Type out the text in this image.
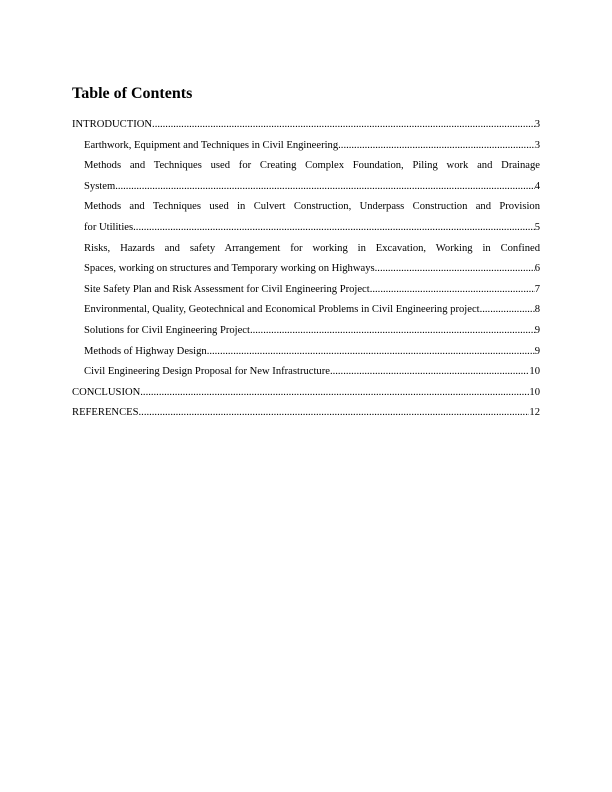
Table of Contents
INTRODUCTION .....	3
Earthwork, Equipment and Techniques in Civil Engineering .....	3
Methods and Techniques used for Creating Complex Foundation, Piling work and Drainage
System .....	4
Methods and Techniques used in Culvert Construction, Underpass Construction and Provision
for Utilities .....	5
Risks, Hazards and safety Arrangement for working in Excavation, Working in Confined
Spaces, working on structures and Temporary working on Highways .....	6
Site Safety Plan and Risk Assessment for Civil Engineering Project .....	7
Environmental, Quality, Geotechnical and Economical Problems in Civil Engineering project .....	8
Solutions for Civil Engineering Project .....	9
Methods of Highway Design .....	9
Civil Engineering Design Proposal for New Infrastructure .....	10
CONCLUSION .....	10
REFERENCES .....	12
